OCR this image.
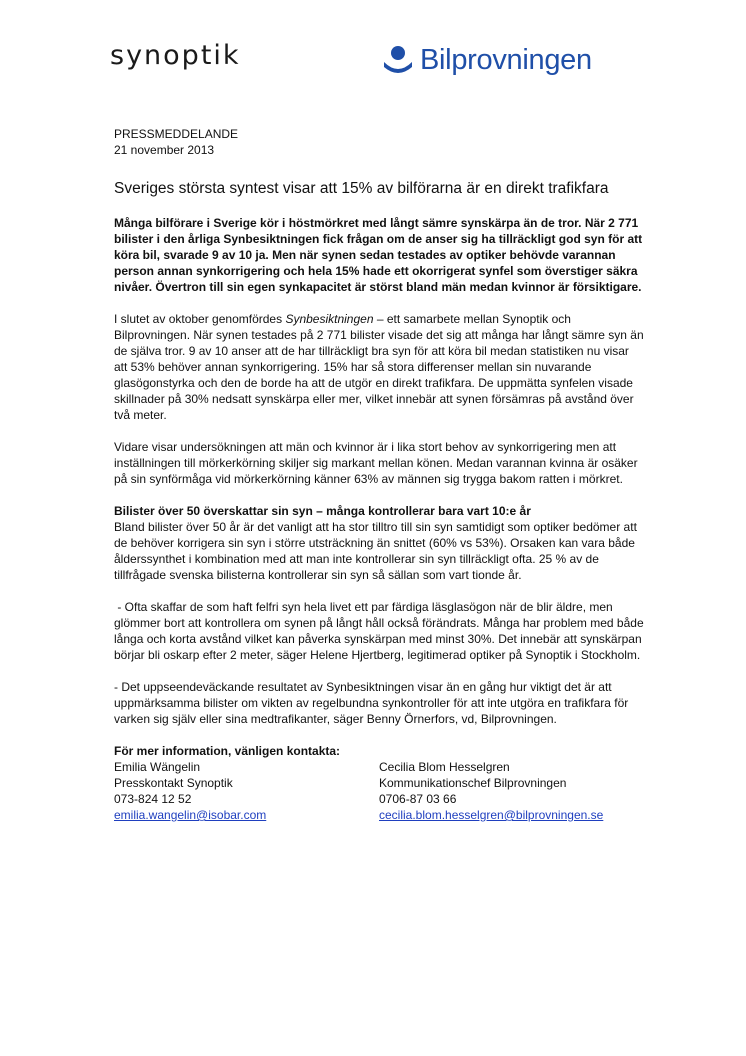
synoptik	Bilprovningen
PRESSMEDDELANDE
21 november 2013
Sveriges största syntest visar att 15% av bilförarna är en direkt trafikfara

Många bilförare i Sverige kör i höstmörkret med långt sämre synskärpa än de tror. När 2 771 bilister i den årliga Synbesiktningen fick frågan om de anser sig ha tillräckligt god syn för att köra bil, svarade 9 av 10 ja. Men när synen sedan testades av optiker behövde varannan person annan synkorrigering och hela 15% hade ett okorrigerat synfel som överstiger säkra nivåer. Övertron till sin egen synkapacitet är störst bland män medan kvinnor är försiktigare.

I slutet av oktober genomfördes Synbesiktningen – ett samarbete mellan Synoptik och Bilprovningen. När synen testades på 2 771 bilister visade det sig att många har långt sämre syn än de själva tror. 9 av 10 anser att de har tillräckligt bra syn för att köra bil medan statistiken nu visar att 53% behöver annan synkorrigering. 15% har så stora differenser mellan sin nuvarande glasögonstyrka och den de borde ha att de utgör en direkt trafikfara. De uppmätta synfelen visade skillnader på 30% nedsatt synskärpa eller mer, vilket innebär att synen försämras på avstånd över två meter.

Vidare visar undersökningen att män och kvinnor är i lika stort behov av synkorrigering men att inställningen till mörkerkörning skiljer sig markant mellan könen. Medan varannan kvinna är osäker på sin synförmåga vid mörkerkörning känner 63% av männen sig trygga bakom ratten i mörkret.

Bilister över 50 överskattar sin syn – många kontrollerar bara vart 10:e år

Bland bilister över 50 år är det vanligt att ha stor tilltro till sin syn samtidigt som optiker bedömer att de behöver korrigera sin syn i större utsträckning än snittet (60% vs 53%). Orsaken kan vara både ålderssynthet i kombination med att man inte kontrollerar sin syn tillräckligt ofta. 25 % av de tillfrågade svenska bilisterna kontrollerar sin syn så sällan som vart tionde år.

- Ofta skaffar de som haft felfri syn hela livet ett par färdiga läsglasögon när de blir äldre, men glömmer bort att kontrollera om synen på långt håll också förändrats. Många har problem med både långa och korta avstånd vilket kan påverka synskärpan med minst 30%. Det innebär att synskärpan börjar bli oskarp efter 2 meter, säger Helene Hjertberg, legitimerad optiker på Synoptik i Stockholm.

- Det uppseendeväckande resultatet av Synbesiktningen visar än en gång hur viktigt det är att uppmärksamma bilister om vikten av regelbundna synkontroller för att inte utgöra en trafikfara för varken sig själv eller sina medtrafikanter, säger Benny Örnerfors, vd, Bilprovningen.

För mer information, vänligen kontakta:
Emilia Wängelin
Presskontakt Synoptik
073-824 12 52
emilia.wangelin@isobar.com
Cecilia Blom Hesselgren
Kommunikationschef Bilprovningen
0706-87 03 66
cecilia.blom.hesselgren@bilprovningen.se
